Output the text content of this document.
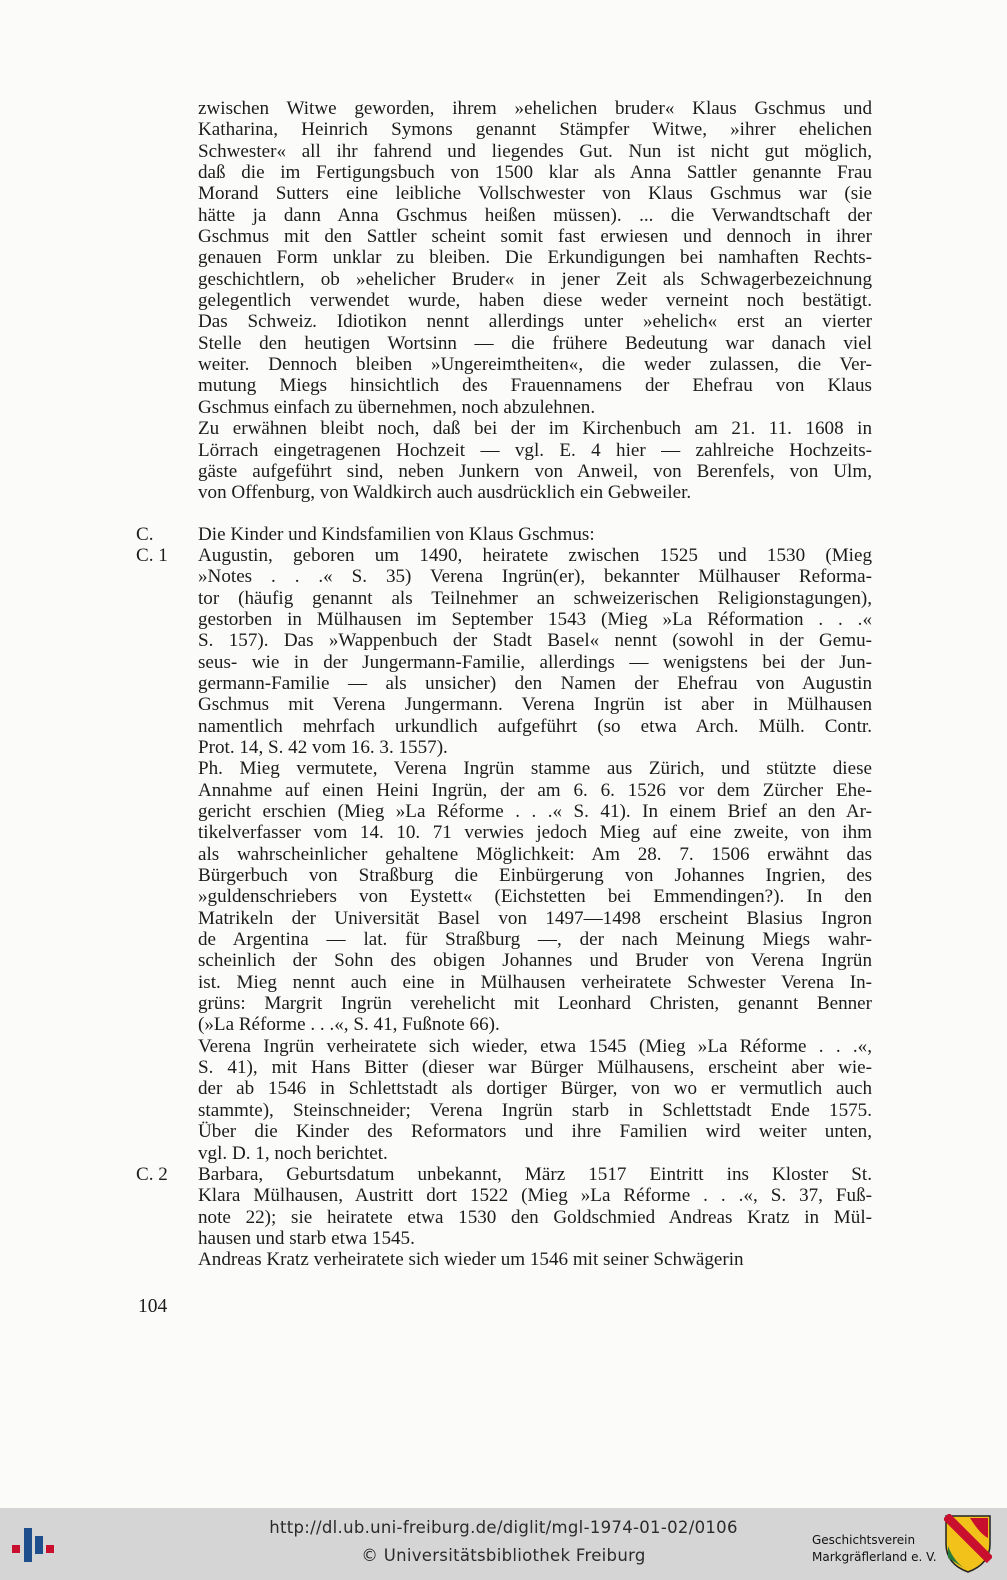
zwischen Witwe geworden, ihrem »ehelichen bruder« Klaus Gschmus und
Katharina, Heinrich Symons genannt Stämpfer Witwe, »ihrer ehelichen
Schwester« all ihr fahrend und liegendes Gut. Nun ist nicht gut möglich,
daß die im Fertigungsbuch von 1500 klar als Anna Sattler genannte Frau
Morand Sutters eine leibliche Vollschwester von Klaus Gschmus war (sie
hätte ja dann Anna Gschmus heißen müssen). ... die Verwandtschaft der
Gschmus mit den Sattler scheint somit fast erwiesen und dennoch in ihrer
genauen Form unklar zu bleiben. Die Erkundigungen bei namhaften Rechts-
geschichtlern, ob »ehelicher Bruder« in jener Zeit als Schwagerbezeichnung
gelegentlich verwendet wurde, haben diese weder verneint noch bestätigt.
Das Schweiz. Idiotikon nennt allerdings unter »ehelich« erst an vierter
Stelle den heutigen Wortsinn — die frühere Bedeutung war danach viel
weiter. Dennoch bleiben »Ungereimtheiten«, die weder zulassen, die Ver-
mutung Miegs hinsichtlich des Frauennamens der Ehefrau von Klaus
Gschmus einfach zu übernehmen, noch abzulehnen.
Zu erwähnen bleibt noch, daß bei der im Kirchenbuch am 21. 11. 1608 in
Lörrach eingetragenen Hochzeit — vgl. E. 4 hier — zahlreiche Hochzeits-
gäste aufgeführt sind, neben Junkern von Anweil, von Berenfels, von Ulm,
von Offenburg, von Waldkirch auch ausdrücklich ein Gebweiler.
C.	Die Kinder und Kindsfamilien von Klaus Gschmus:
C. 1	Augustin, geboren um 1490, heiratete zwischen 1525 und 1530 (Mieg
»Notes . . .« S. 35) Verena Ingrün(er), bekannter Mülhauser Reforma-
tor (häufig genannt als Teilnehmer an schweizerischen Religionstagungen),
gestorben in Mülhausen im September 1543 (Mieg »La Réformation . . .«
S. 157). Das »Wappenbuch der Stadt Basel« nennt (sowohl in der Gemu-
seus- wie in der Jungermann-Familie, allerdings — wenigstens bei der Jun-
germann-Familie — als unsicher) den Namen der Ehefrau von Augustin
Gschmus mit Verena Jungermann. Verena Ingrün ist aber in Mülhausen
namentlich mehrfach urkundlich aufgeführt (so etwa Arch. Mülh. Contr.
Prot. 14, S. 42 vom 16. 3. 1557).
Ph. Mieg vermutete, Verena Ingrün stamme aus Zürich, und stützte diese
Annahme auf einen Heini Ingrün, der am 6. 6. 1526 vor dem Zürcher Ehe-
gericht erschien (Mieg »La Réforme . . .« S. 41). In einem Brief an den Ar-
tikelverfasser vom 14. 10. 71 verwies jedoch Mieg auf eine zweite, von ihm
als wahrscheinlicher gehaltene Möglichkeit: Am 28. 7. 1506 erwähnt das
Bürgerbuch von Straßburg die Einbürgerung von Johannes Ingrien, des
»guldenschriebers von Eystett« (Eichstetten bei Emmendingen?). In den
Matrikeln der Universität Basel von 1497—1498 erscheint Blasius Ingron
de Argentina — lat. für Straßburg —, der nach Meinung Miegs wahr-
scheinlich der Sohn des obigen Johannes und Bruder von Verena Ingrün
ist. Mieg nennt auch eine in Mülhausen verheiratete Schwester Verena In-
grüns: Margrit Ingrün verehelicht mit Leonhard Christen, genannt Benner
(»La Réforme . . .«, S. 41, Fußnote 66).
Verena Ingrün verheiratete sich wieder, etwa 1545 (Mieg »La Réforme . . .«,
S. 41), mit Hans Bitter (dieser war Bürger Mülhausens, erscheint aber wie-
der ab 1546 in Schlettstadt als dortiger Bürger, von wo er vermutlich auch
stammte), Steinschneider; Verena Ingrün starb in Schlettstadt Ende 1575.
Über die Kinder des Reformators und ihre Familien wird weiter unten,
vgl. D. 1, noch berichtet.
C. 2	Barbara, Geburtsdatum unbekannt, März 1517 Eintritt ins Kloster St.
Klara Mülhausen, Austritt dort 1522 (Mieg »La Réforme . . .«, S. 37, Fuß-
note 22); sie heiratete etwa 1530 den Goldschmied Andreas Kratz in Mül-
hausen und starb etwa 1545.
Andreas Kratz verheiratete sich wieder um 1546 mit seiner Schwägerin
104
http://dl.ub.uni-freiburg.de/diglit/mgl-1974-01-02/0106
© Universitätsbibliothek Freiburg
Geschichtsverein
Markgräflerland e. V.
